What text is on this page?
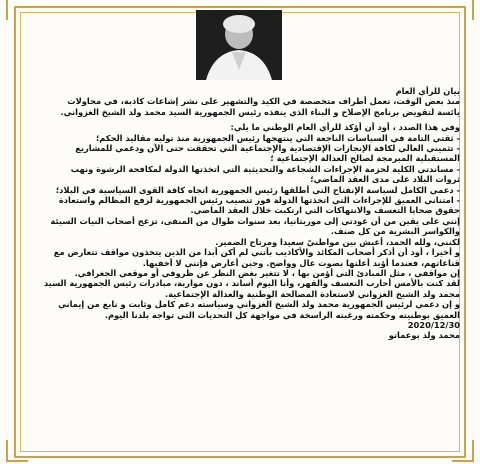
بيان للرأي العام

منذ بعض الوقت، تعمل أطراف متخصصة في الكيد والتشهير على نشر إشاعات كاذبة، في محاولات

يائسة لتقويض برنامج الإصلاح و البناء الذي ينفذه رئيس الجمهورية السيد محمد ولد الشيخ الغزواني.

وفي هذا الصدد ، أود أن أؤكد للرأي العام الوطني ما يلي:

- ثقتي التامة في السياسات الناجعة التي ينتهجها رئيس الجمهورية منذ توليه مقاليد الحكم؛

- تثميني العالي لكافة الإنجازات الإقتصادية والإجتماعية التي تحققت حتى الآن ودعمي للمشاريع

المستقبلية المبرمجة لصالح العدالة الإجتماعية ؛

- مساندتي الكلية لحزمة الإجراءات الشجاعة والتحديثية التي اتخذتها الدولة لمكافحة الرشوة ونهب

ثروات البلاد على مدى العقد الماضي؛

- دعمي الكامل لسياسة الإنفتاح التي أطلقها رئيس الجمهورية اتجاه كافة القوى السياسية في البلاد؛

- امتناني العميق للإجراءات التي اتخذتها الدولة فور تنصيب رئيس الجمهورية لرفع المظالم واستعادة

حقوق ضحايا التعسف والانتهاكات التي ارتكبت خلال العقد الماضي.

إنني على يقين من أن عودتي إلى موريتانيا، بعد سنوات طوال من المنفى، تزعج أصحاب النيات السيئة

والكواسر البشرية من كل صنف.

لكنني، ولله الحمد، أعيش بين مواطنيّ سعيدا ومرتاح الضمير.

و أخيرا ، أود أن أذكر أصحاب المكائد والأكاذيب بأنني لم أكن أبدا من الذين يتخذون مواقف تتعارض مع

قناعاتهم، فعندما أؤيد أعلنها بصوت عال وواضح. وحين أعارض فإنني لا أخفيها.

إن مواقفي ، مثل المبادئ التي أؤمن بها ، لا تتغير بغض النظر عن ظروفي أو موقعي الجغرافي.

لقد كنت بالأمس أحارب التعسف والقهر، وأنا اليوم أساند ، دون مواربة، مبادرات رئيس الجمهورية السيد

محمد ولد الشيخ الغزواني لاستعادة المصالحة الوطنية والعدالة الإجتماعية.

و إن دعمي لرئيس الجمهورية محمد ولد الشيخ الغزواني وسياسته دعم كامل وثابت و نابع من إيماني

العميق بوطنيته وحكمته ورغبته الراسخة في مواجهة كل التحديات التي تواجه بلدنا اليوم.

2020/12/30

محمد ولد بوعماتو
